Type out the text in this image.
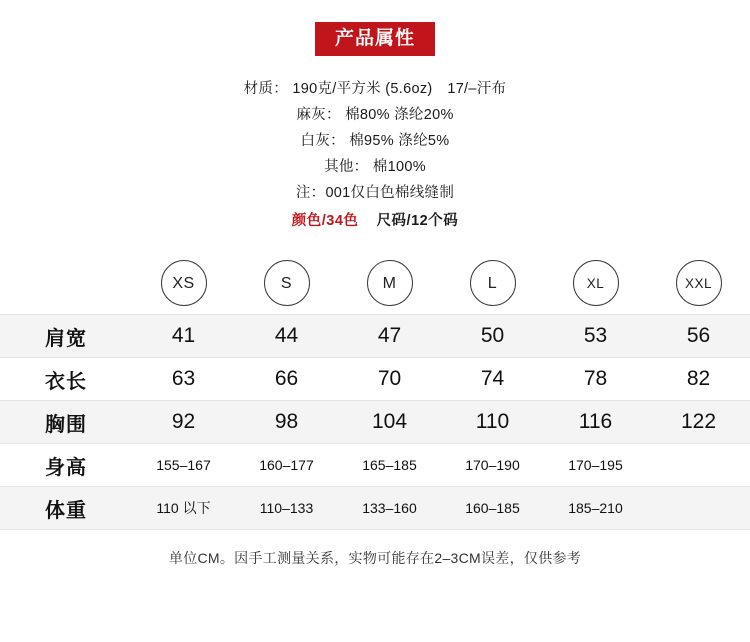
产品属性
材质： 190克/平方米 (5.6oz)　17/–汗布
麻灰： 棉80% 涤纶20%
白灰： 棉95% 涤纶5%
其他： 棉100%
注：001仅白色棉线缝制
颜色/34色 尺码/12个码
	XS	S	M	L	XL	XXL
肩宽	41	44	47	50	53	56
衣长	63	66	70	74	78	82
胸围	92	98	104	110	116	122
身高	155–167	160–177	165–185	170–190	170–195	
体重	110 以下	110–133	133–160	160–185	185–210	
单位CM。因手工测量关系，实物可能存在2–3CM误差，仅供参考
